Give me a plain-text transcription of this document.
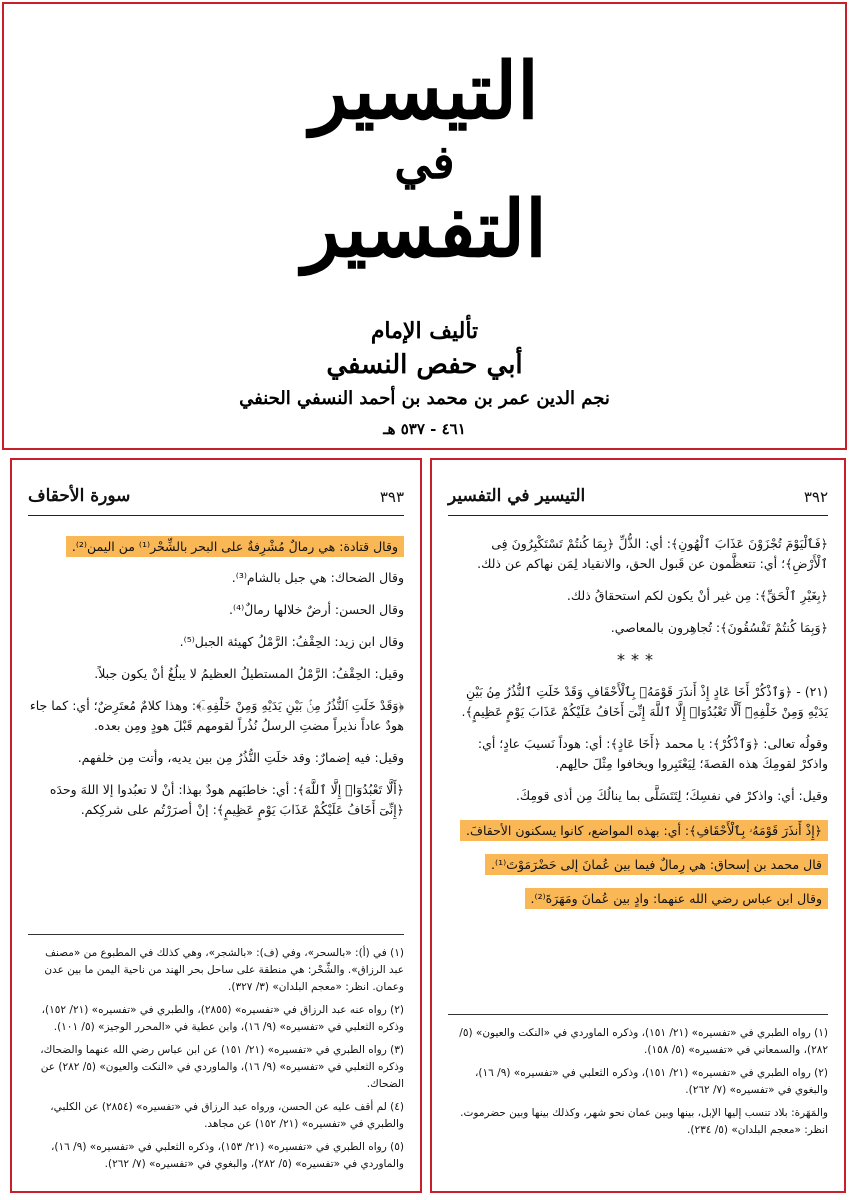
التيسير
في
التفسير
تأليف الإمام
أبي حفص النسفي
نجم الدين عمر بن محمد بن أحمد النسفي الحنفي
٤٦١ - ٥٣٧ هـ
سورة الأحقاف	٣٩٣
وقال قتادة: هي رمالٌ مُشْرِفةٌ على البحر بالشِّحْر⁽¹⁾ من اليمن⁽²⁾.

وقال الضحاك: هي جبل بالشام⁽³⁾.

وقال الحسن: أرضٌ خلالها رمالٌ⁽⁴⁾.

وقال ابن زيد: الحِقْفُ: الرَّمْلُ كهيئة الجبل⁽⁵⁾.

وقيل: الحِقْفُ: الرَّمْلُ المستطيلُ العظيمُ لا يبلُغُ أنْ يكون جبلاً.

﴿وَقَدْ خَلَتِ ٱلنُّذُرُ مِنۢ بَيْنِ يَدَيْهِ وَمِنْ خَلْفِهِۦٓ﴾: وهذا كلامٌ مُعتَرِضٌ؛ أي: كما جاء هودٌ عاداً نذيراً مضتِ الرسلُ نُذُراً لقومهم قَبْلَ هودٍ ومِن بعده.

وقيل: فيه إضمارٌ: وقد خلَتِ النُّذُرُ مِن بين يديه، وأتت مِن خلفهم.

﴿أَلَّا تَعْبُدُوٓا۟ إِلَّا ٱللَّهَ﴾: أي: خاطبَهم هودٌ بهذا: أنْ لا تعبُدوا إلا اللهَ وحدَه ﴿إِنِّىٓ أَخَافُ عَلَيْكُمْ عَذَابَ يَوْمٍ عَظِيمٍ﴾: إنْ أصرَرْتُم على شركِكم.

(١) في (أ): «بالسحر»، وفي (ف): «بالشجر»، وهي كذلك في المطبوع من «مصنف عبد الرزاق». والشِّحْر: هي منطقة على ساحل بحر الهند من ناحية اليمن ما بين عدن وعمان. انظر: «معجم البلدان» (٣/ ٣٢٧).

(٢) رواه عنه عبد الرزاق في «تفسيره» (٢٨٥٥)، والطبري في «تفسيره» (٢١/ ١٥٢)، وذكره الثعلبي في «تفسيره» (٩/ ١٦)، وابن عطية في «المحرر الوجيز» (٥/ ١٠١).

(٣) رواه الطبري في «تفسيره» (٢١/ ١٥١) عن ابن عباس رضي الله عنهما والضحاك، وذكره الثعلبي في «تفسيره» (٩/ ١٦)، والماوردي في «النكت والعيون» (٥/ ٢٨٢) عن الضحاك.

(٤) لم أقف عليه عن الحسن، ورواه عبد الرزاق في «تفسيره» (٢٨٥٤) عن الكلبي، والطبري في «تفسيره» (٢١/ ١٥٢) عن مجاهد.

(٥) رواه الطبري في «تفسيره» (٢١/ ١٥٣)، وذكره الثعلبي في «تفسيره» (٩/ ١٦)، والماوردي في «تفسيره» (٥/ ٢٨٢)، والبغوي في «تفسيره» (٧/ ٢٦٢).

التيسير في التفسير	٣٩٢

﴿فَٱلْيَوْمَ تُجْزَوْنَ عَذَابَ ٱلْهُونِ﴾: أي: الذُّلِّ ﴿بِمَا كُنتُمْ تَسْتَكْبِرُونَ فِى ٱلْأَرْضِ﴾؛ أي: تتعظَّمون عن قَبول الحق، والانقياد لِمَن نهاكم عن ذلك.

﴿بِغَيْرِ ٱلْحَقِّ﴾: مِن غير أنْ يكون لكم استحقاقُ ذلك.

﴿وَبِمَا كُنتُمْ تَفْسُقُونَ﴾: تُجاهِرون بالمعاصي.

***

(٢١) - ﴿وَٱذْكُرْ أَخَا عَادٍ إِذْ أَنذَرَ قَوْمَهُۥ بِٱلْأَحْقَافِ وَقَدْ خَلَتِ ٱلنُّذُرُ مِنۢ بَيْنِ يَدَيْهِ وَمِنْ خَلْفِهِۦٓ أَلَّا تَعْبُدُوٓا۟ إِلَّا ٱللَّهَ إِنِّىٓ أَخَافُ عَلَيْكُمْ عَذَابَ يَوْمٍ عَظِيمٍ﴾.

وقولُه تعالى: ﴿وَٱذْكُرْ﴾: يا محمد ﴿أَخَا عَادٍ﴾: أي: هوداً نَسيبَ عادٍ؛ أي: واذكرْ لقومِكَ هذه القصةَ؛ لِيَعْتَبِروا ويخافوا مِثْلَ حالِهم.

وقيل: أي: واذكرْ في نفسِكَ؛ لِتَتَسَلَّى بما ينالُكَ مِن أذى قومِكَ.

﴿إِذْ أَنذَرَ قَوْمَهُۥ بِٱلْأَحْقَافِ﴾: أي: بهذه المواضع، كانوا يسكنون الأحقافَ.
قال محمد بن إسحاق: هي رِمالٌ فيما بين عُمانَ إلى حَضْرَمَوْتَ⁽¹⁾.
وقال ابن عباس رضي الله عنهما: وادٍ بين عُمانَ ومَهَرَةَ⁽²⁾.

(١) رواه الطبري في «تفسيره» (٢١/ ١٥١)، وذكره الماوردي في «النكت والعيون» (٥/ ٢٨٢)، والسمعاني في «تفسيره» (٥/ ١٥٨).

(٢) رواه الطبري في «تفسيره» (٢١/ ١٥١)، وذكره الثعلبي في «تفسيره» (٩/ ١٦)، والبغوي في «تفسيره» (٧/ ٢٦٢).

والمَهَرة: بلاد تنسب إليها الإبل، بينها وبين عمان نحو شهر، وكذلك بينها وبين حضرموت. انظر: «معجم البلدان» (٥/ ٢٣٤).
